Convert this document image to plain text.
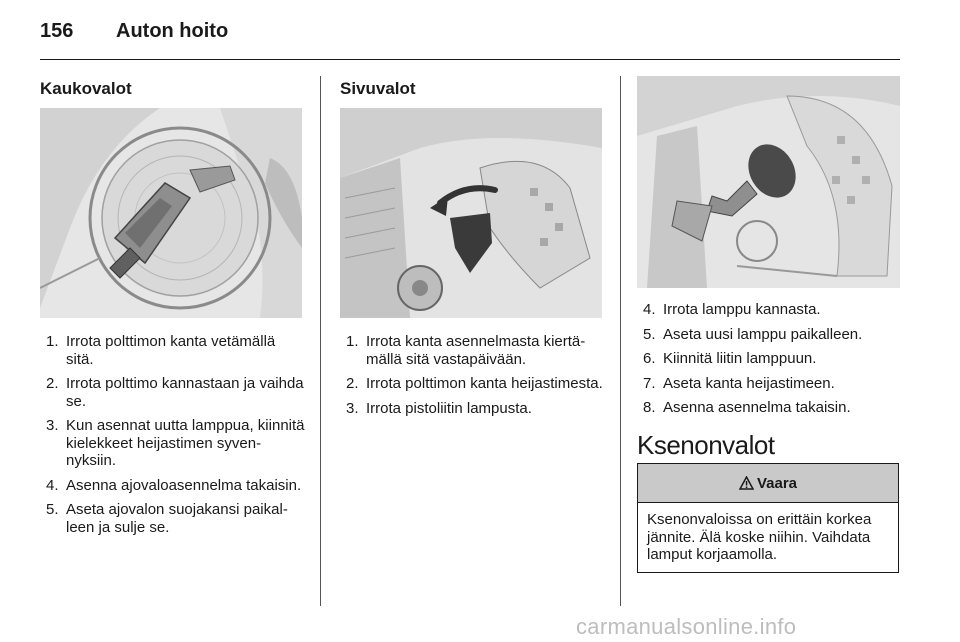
156 Auton hoito
Kaukovalot
1. Irrota polttimon kanta vetämällä sitä.
2. Irrota polttimo kannastaan ja vaihda se.
3. Kun asennat uutta lamppua, kiinnitä kielekkeet heijastimen syvennyksiin.
4. Asenna ajovaloasennelma takaisin.
5. Aseta ajovalon suojakansi paikalleen ja sulje se.
Sivuvalot
1. Irrota kanta asennelmasta kiertämällä sitä vastapäivään.
2. Irrota polttimon kanta heijastimesta.
3. Irrota pistoliitin lampusta.
4. Irrota lamppu kannasta.
5. Aseta uusi lamppu paikalleen.
6. Kiinnitä liitin lamppuun.
7. Aseta kanta heijastimeen.
8. Asenna asennelma takaisin.
Ksenonvalot
Vaara
Ksenonvaloissa on erittäin korkea jännite. Älä koske niihin. Vaihdata lamput korjaamolla.
carmanualsonline.info
